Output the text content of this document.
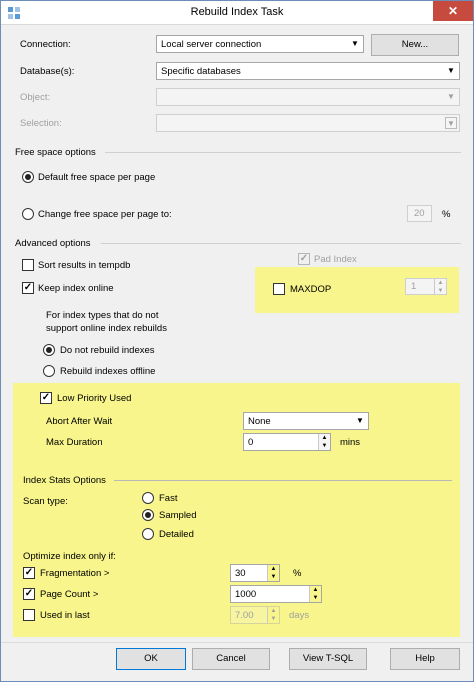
Rebuild Index Task	✕
Connection:	Local server connection	▼	New...
Database(s):	Specific databases	▼
Object:	▼
Selection:	▼
Free space options
Default free space per page
Change free space per page to:	20 %
Advanced options
✓ Pad Index
Sort results in tempdb
✓ Keep index online	MAXDOP	1	▲
▼
For index types that do not
support online index rebuilds
Do not rebuild indexes
Rebuild indexes offline
✓ Low Priority Used
Abort After Wait	None	▼
Max Duration	0	▲
▼ mins
Index Stats Options
Scan type:	Fast
Sampled
Detailed
Optimize index only if:
✓ Fragmentation >	30	▲
▼ %
✓ Page Count >	1000	▲
▼
Used in last	7.00	▲
▼ days
OK	Cancel	View T-SQL	Help
